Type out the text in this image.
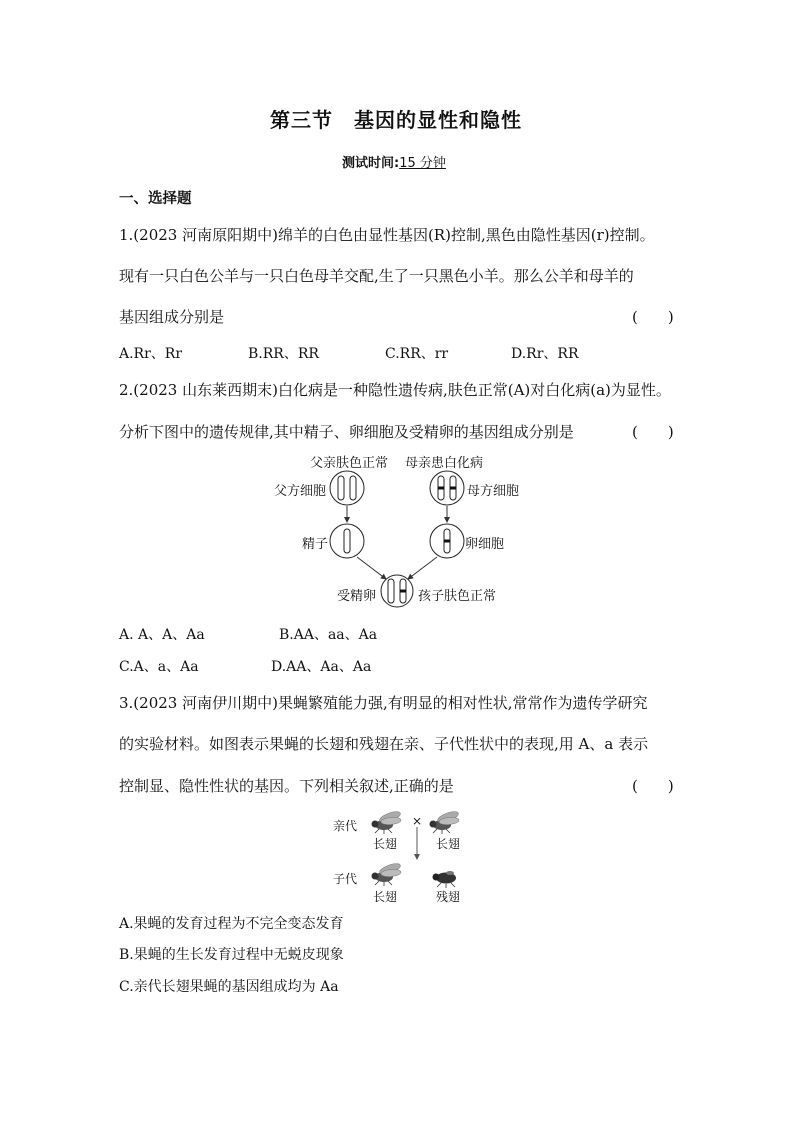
第三节　基因的显性和隐性
测试时间:15 分钟
一、选择题
1.(2023 河南原阳期中)绵羊的白色由显性基因(R)控制,黑色由隐性基因(r)控制。
现有一只白色公羊与一只白色母羊交配,生了一只黑色小羊。那么公羊和母羊的
基因组成分别是	(　　)
A.Rr、Rr	B.RR、RR	C.RR、rr	D.Rr、RR
2.(2023 山东莱西期末)白化病是一种隐性遗传病,肤色正常(A)对白化病(a)为显性。
分析下图中的遗传规律,其中精子、卵细胞及受精卵的基因组成分别是	(　　)
父亲肤色正常 母亲患白化病
父方细胞	母方细胞
精子	卵细胞
受精卵	孩子肤色正常
A. A、A、Aa	B.AA、aa、Aa
C.A、a、Aa	D.AA、Aa、Aa
3.(2023 河南伊川期中)果蝇繁殖能力强,有明显的相对性状,常常作为遗传学研究
的实验材料。如图表示果蝇的长翅和残翅在亲、子代性状中的表现,用 A、a 表示
控制显、隐性性状的基因。下列相关叙述,正确的是	(　　)
亲代	×
长翅	长翅
子代
长翅	残翅
A.果蝇的发育过程为不完全变态发育
B.果蝇的生长发育过程中无蜕皮现象
C.亲代长翅果蝇的基因组成均为 Aa
